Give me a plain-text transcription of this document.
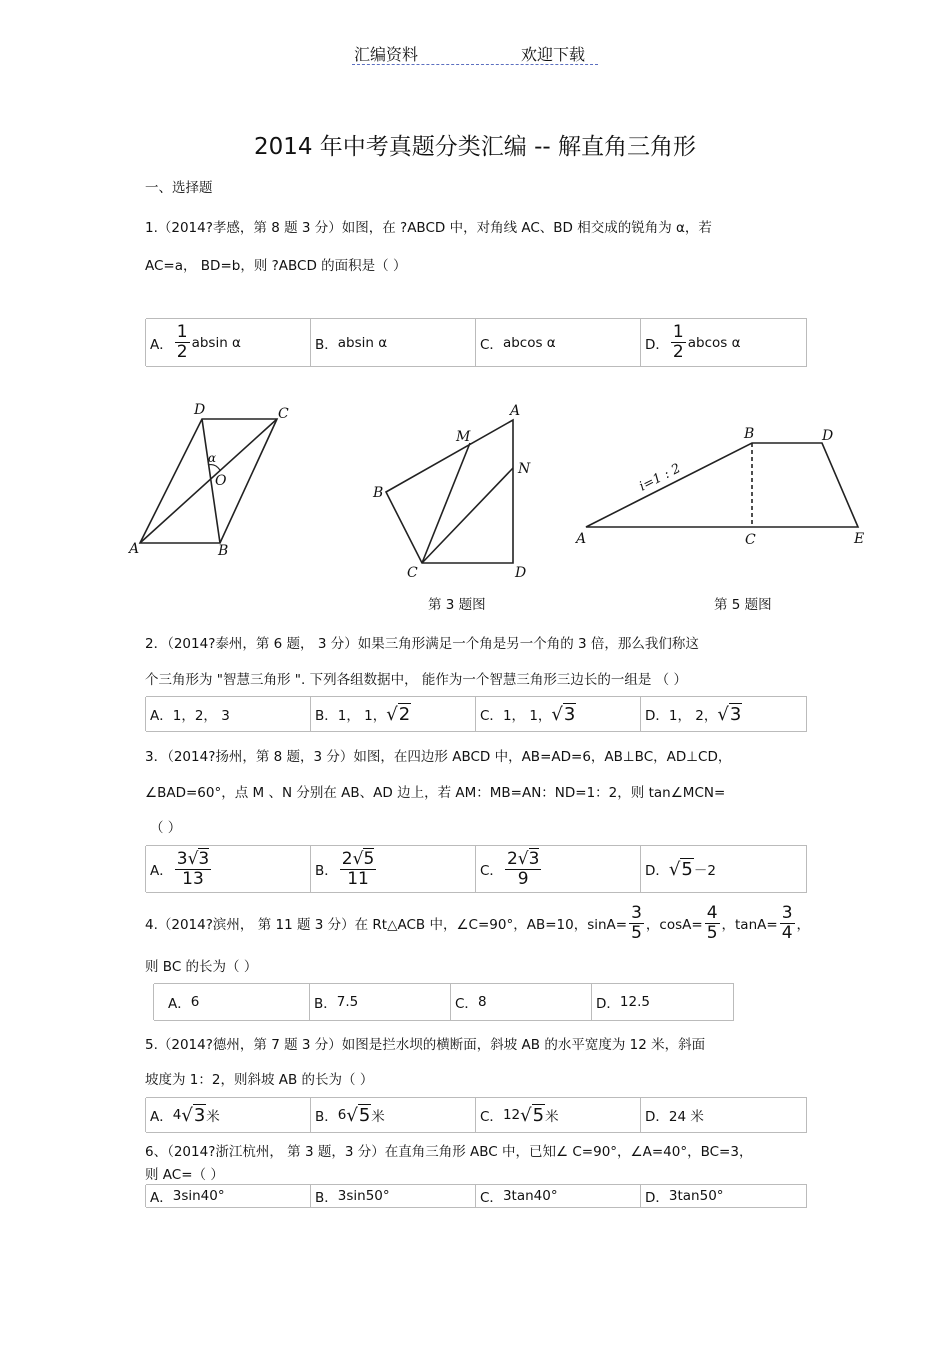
汇编资料	欢迎下载
2014 年中考真题分类汇编 -- 解直角三角形
一、选择题
1.（2014?孝感，第 8 题 3 分）如图，在 ?ABCD 中，对角线 AC、BD 相交成的锐角为 α，若
AC=a， BD=b，则 ?ABCD 的面积是（ ）
A． $\frac{1}{2}$ absin α	B． absin α	C． abcos α	D． $\frac{1}{2}$ abcos α
D	C
α
O
A	B
A
M
N
B
C	D
B	D
i=1 : 2
A	C	E
第 3 题图	第 5 题图
2．（2014?泰州，第 6 题， 3 分）如果三角形满足一个角是另一个角的 3 倍，那么我们称这
个三角形为 "智慧三角形 ". 下列各组数据中， 能作为一个智慧三角形三边长的一组是 （ ）
A． 1，2， 3	B． 1， 1， √2	C． 1， 1， √3	D． 1， 2， √3
3．（2014?扬州，第 8 题，3 分）如图，在四边形 ABCD 中，AB=AD=6，AB⊥BC，AD⊥CD，
∠BAD=60°，点 M 、N 分别在 AB、AD 边上，若 AM：MB=AN：ND=1：2，则 tan∠MCN=
（ ）
A． $\frac{3√3}{13}$	B． $\frac{2√5}{11}$	C． $\frac{2√3}{9}$	D． √5 －2
4.（2014?滨州， 第 11 题 3 分）在 Rt△ACB 中，∠C=90°，AB=10，$\sin A= \frac{3}{5}$ ，$\cos A= \frac{4}{5}$ ，$\tan A= \frac{3}{4}$ ，
则 BC 的长为（ ）
A． 6	B． 7.5	C． 8	D． 12.5
5.（2014?德州，第 7 题 3 分）如图是拦水坝的横断面，斜坡 AB 的水平宽度为 12 米，斜面
坡度为 1：2，则斜坡 AB 的长为（ ）
A． 4 √3 米	B． 6 √5 米	C． 12 √5 米	D． 24 米
6、（2014?浙江杭州， 第 3 题，3 分）在直角三角形 ABC 中，已知∠ C=90°，∠A=40°，BC=3，
则 AC=（ ）
A． 3sin40°	B． 3sin50°	C． 3tan40°	D． 3tan50°
